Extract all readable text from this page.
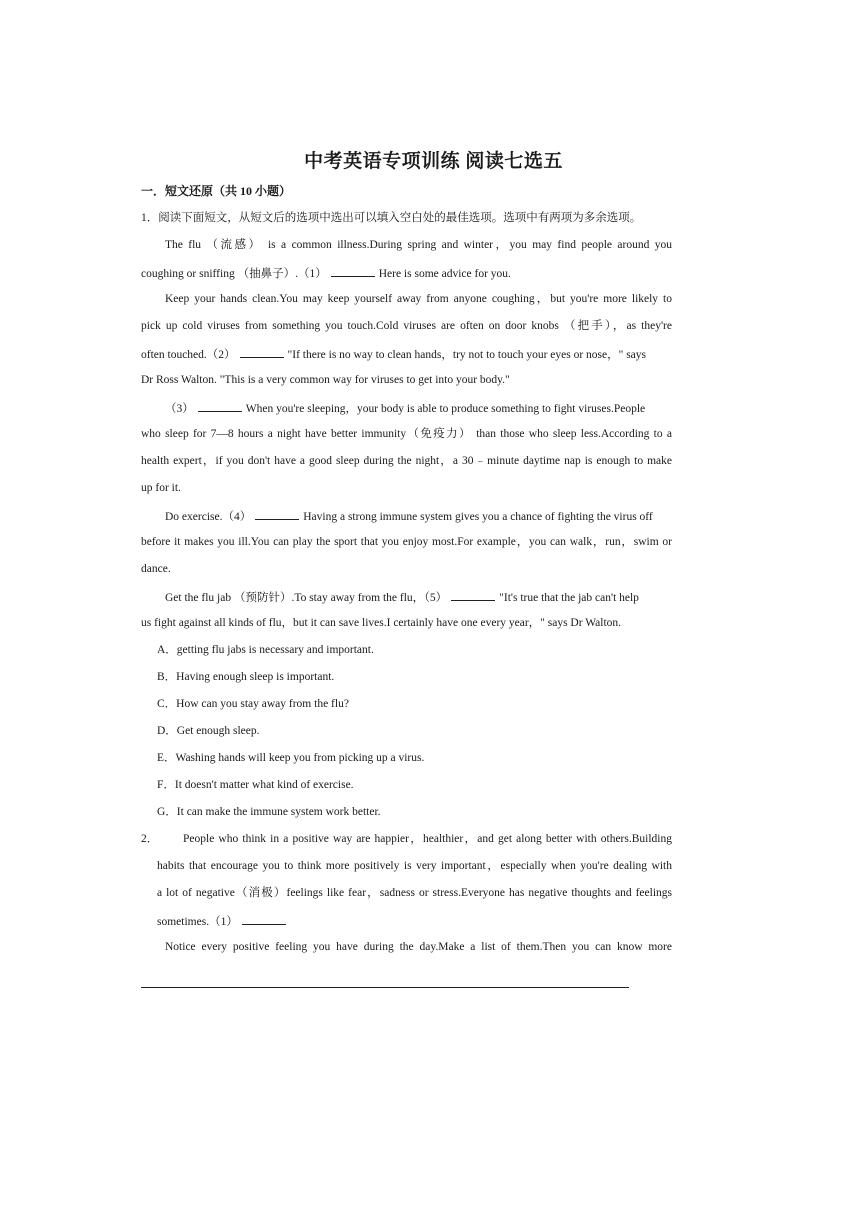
中考英语专项训练 阅读七选五
一．短文还原（共 10 小题）
1．阅读下面短文，从短文后的选项中选出可以填入空白处的最佳选项。选项中有两项为多余选项。
The flu （流感） is a common illness.During spring and winter，you may find people around you
coughing or sniffing （抽鼻子）.（1）	Here is some advice for you.
Keep your hands clean.You may keep yourself away from anyone coughing，but you're more likely to
pick up cold viruses from something you touch.Cold viruses are often on door knobs （把手），as they're
often touched.（2）	"If there is no way to clean hands，try not to touch your eyes or nose，" says
Dr Ross Walton. "This is a very common way for viruses to get into your body."
（3）	When you're sleeping，your body is able to produce something to fight viruses.People
who sleep for 7—8 hours a night have better immunity（免疫力） than those who sleep less.According to a
health expert，if you don't have a good sleep during the night，a 30﹣minute daytime nap is enough to make
up for it.
Do exercise.（4）	Having a strong immune system gives you a chance of fighting the virus off
before it makes you ill.You can play the sport that you enjoy most.For example，you can walk，run，swim or
dance.
Get the flu jab （预防针）.To stay away from the flu，（5）	"It's true that the jab can't help
us fight against all kinds of flu，but it can save lives.I certainly have one every year，" says Dr Walton.
A．getting flu jabs is necessary and important.
B．Having enough sleep is important.
C．How can you stay away from the flu?
D．Get enough sleep.
E．Washing hands will keep you from picking up a virus.
F．It doesn't matter what kind of exercise.
G．It can make the immune system work better.
2． People who think in a positive way are happier，healthier，and get along better with others.Building
habits that encourage you to think more positively is very important，especially when you're dealing with
a lot of negative（消极）feelings like fear，sadness or stress.Everyone has negative thoughts and feelings
sometimes.（1）
Notice every positive feeling you have during the day.Make a list of them.Then you can know more
